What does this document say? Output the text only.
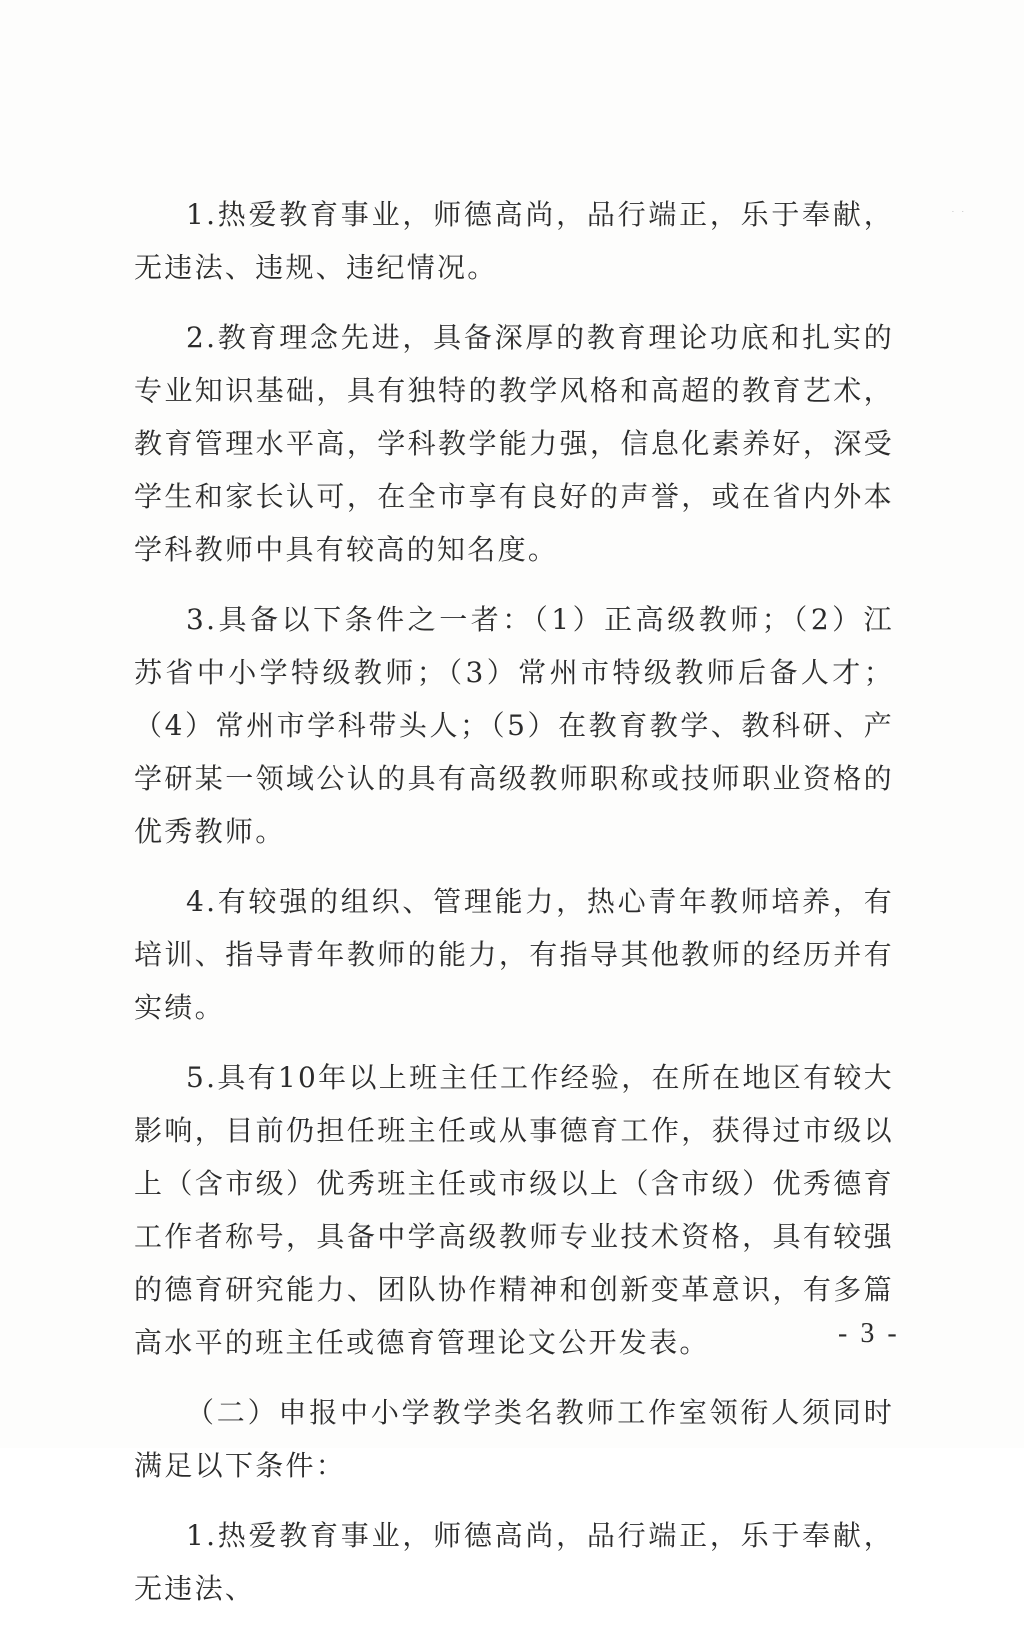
· ·

1.热爱教育事业，师德高尚，品行端正，乐于奉献，无违法、违规、违纪情况。

2.教育理念先进，具备深厚的教育理论功底和扎实的专业知识基础，具有独特的教学风格和高超的教育艺术，教育管理水平高，学科教学能力强，信息化素养好，深受学生和家长认可，在全市享有良好的声誉，或在省内外本学科教师中具有较高的知名度。

3.具备以下条件之一者：（1）正高级教师；（2）江苏省中小学特级教师；（3）常州市特级教师后备人才；（4）常州市学科带头人；（5）在教育教学、教科研、产学研某一领域公认的具有高级教师职称或技师职业资格的优秀教师。

4.有较强的组织、管理能力，热心青年教师培养，有培训、指导青年教师的能力，有指导其他教师的经历并有实绩。

5.具有10年以上班主任工作经验，在所在地区有较大影响，目前仍担任班主任或从事德育工作，获得过市级以上（含市级）优秀班主任或市级以上（含市级）优秀德育工作者称号，具备中学高级教师专业技术资格，具有较强的德育研究能力、团队协作精神和创新变革意识，有多篇高水平的班主任或德育管理论文公开发表。

（二）申报中小学教学类名教师工作室领衔人须同时满足以下条件：

1.热爱教育事业，师德高尚，品行端正，乐于奉献，无违法、

- 3 -
